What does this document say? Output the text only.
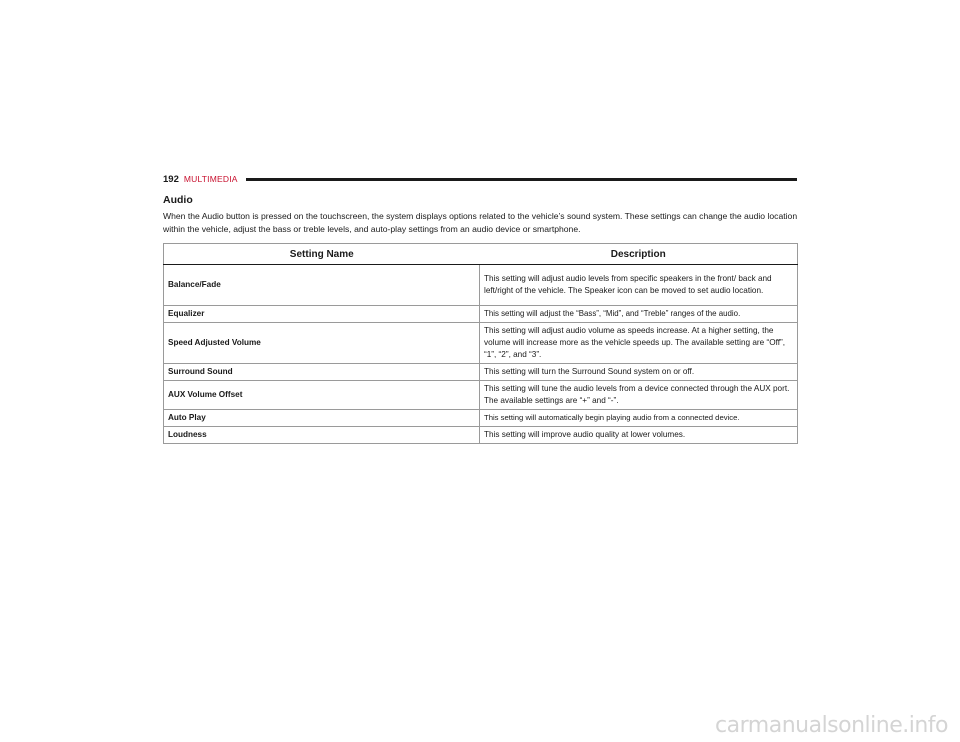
192 MULTIMEDIA
Audio

When the Audio button is pressed on the touchscreen, the system displays options related to the vehicle’s sound system. These settings can change the audio location within the vehicle, adjust the bass or treble levels, and auto-play settings from an audio device or smartphone.

Setting Name	Description
Balance/Fade	This setting will adjust audio levels from specific speakers in the front/ back and left/right of the vehicle. The Speaker icon can be moved to set audio location.
Equalizer	This setting will adjust the “Bass”, “Mid”, and “Treble” ranges of the audio.
Speed Adjusted Volume	This setting will adjust audio volume as speeds increase. At a higher setting, the volume will increase more as the vehicle speeds up. The available setting are “Off”, “1”, “2”, and “3”.
Surround Sound	This setting will turn the Surround Sound system on or off.
AUX Volume Offset	This setting will tune the audio levels from a device connected through the AUX port. The available settings are “+” and “-”.
Auto Play	This setting will automatically begin playing audio from a connected device.
Loudness	This setting will improve audio quality at lower volumes.
carmanualsonline.info
